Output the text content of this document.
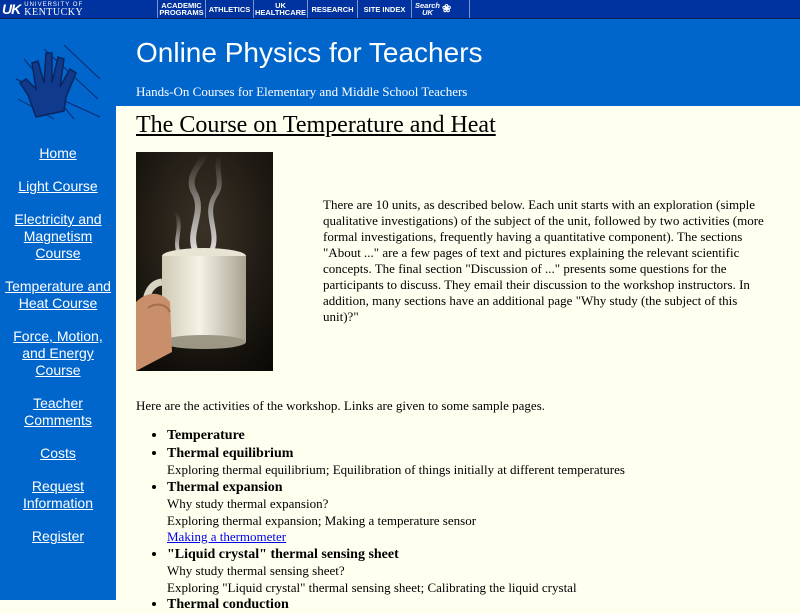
UK UNIVERSITY OF
KENTUCKY
ACADEMIC
PROGRAMS ATHLETICS	UK
HEALTHCARE RESEARCH SITE INDEX Search
UK ❀
Online Physics for Teachers
Hands-On Courses for Elementary and Middle School Teachers
Home
Light Course
Electricity and Magnetism Course
Temperature and Heat Course
Force, Motion, and Energy Course
Teacher Comments
Costs
Request Information
Register
The Course on Temperature and Heat

There are 10 units, as described below. Each unit starts with an exploration (simple qualitative investigations) of the subject of the unit, followed by two activities (more formal investigations, frequently having a quantitative component). The sections "About ..." are a few pages of text and pictures explaining the relevant scientific concepts. The final section "Discussion of ..." presents some questions for the participants to discuss. They email their discussion to the workshop instructors. In addition, many sections have an additional page "Why study (the subject of this unit)?"

Here are the activities of the workshop. Links are given to some sample pages.

• Temperature
• Thermal equilibrium
Exploring thermal equilibrium; Equilibration of things initially at different temperatures
• Thermal expansion
Why study thermal expansion?
Exploring thermal expansion; Making a temperature sensor
Making a thermometer
• "Liquid crystal" thermal sensing sheet
Why study thermal sensing sheet?
Exploring "Liquid crystal" thermal sensing sheet; Calibrating the liquid crystal
• Thermal conduction
